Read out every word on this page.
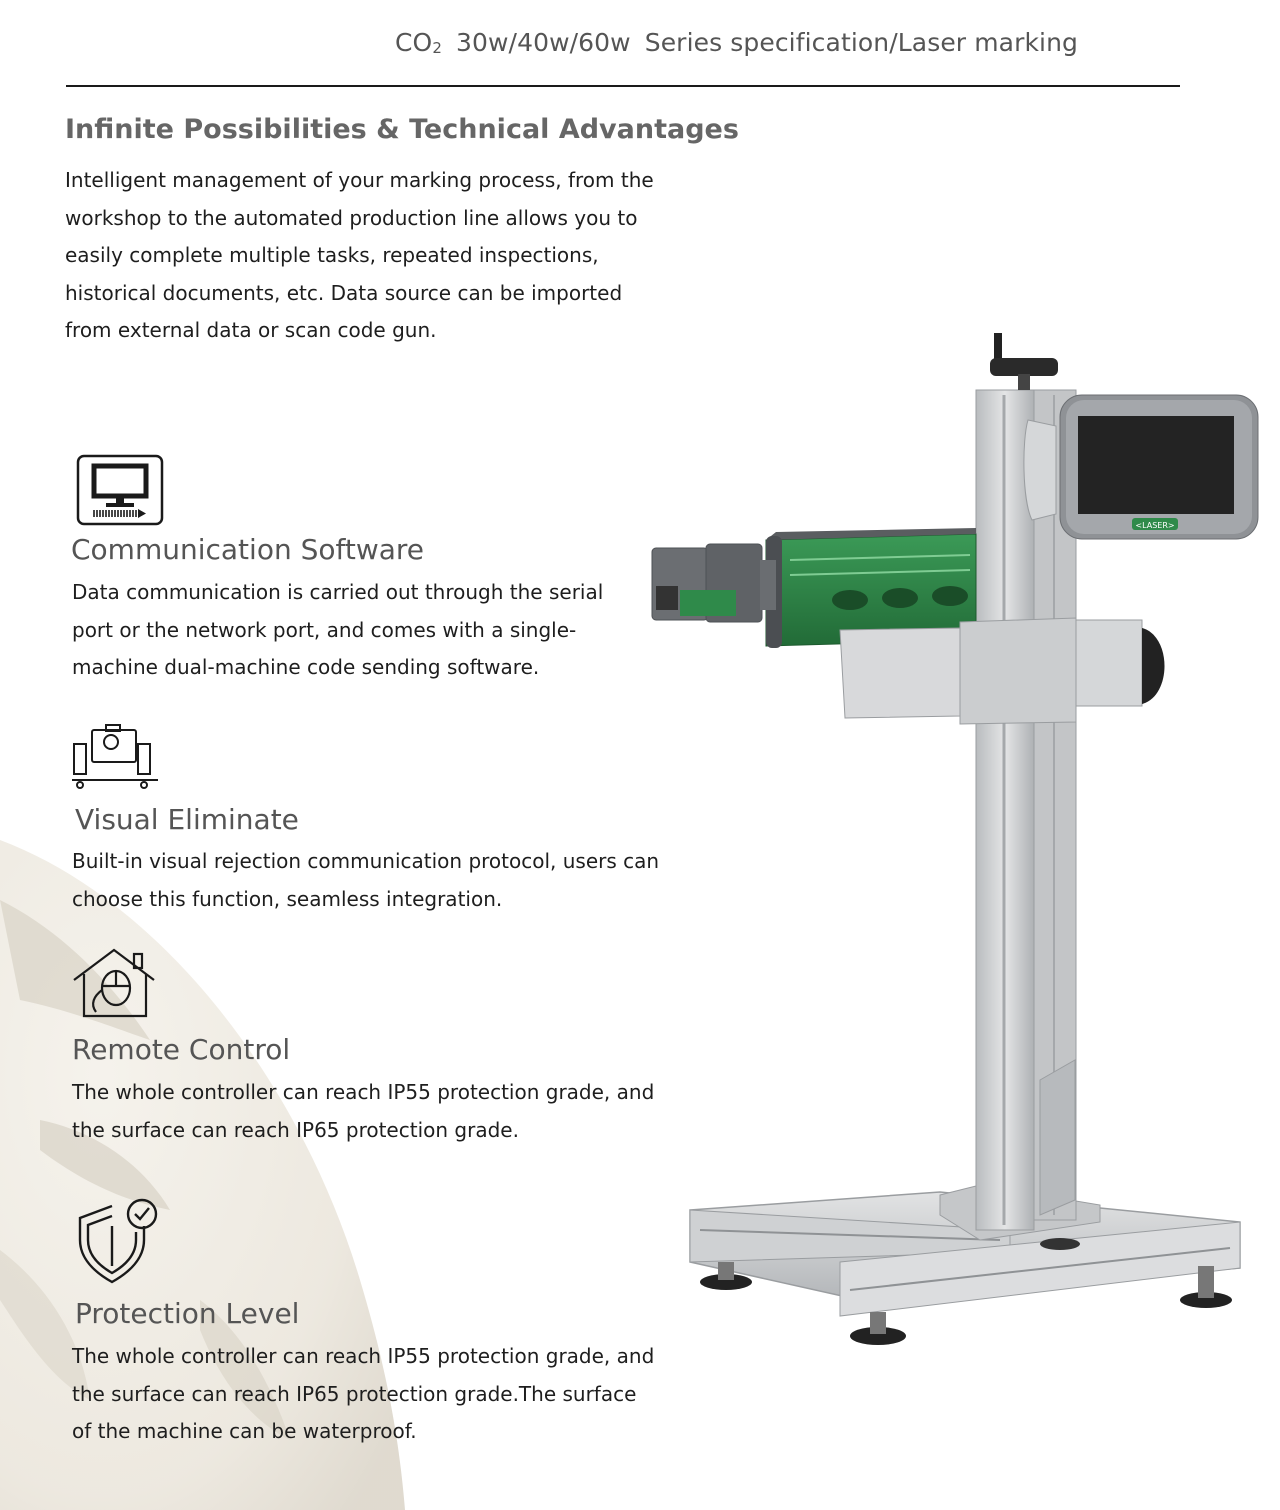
$CO_2$ 30w/40w/60w Series specification/Laser marking
Infinite Possibilities & Technical Advantages
Intelligent management of your marking process, from the workshop to the automated production line allows you to easily complete multiple tasks, repeated inspections, historical documents, etc. Data source can be imported from external data or scan code gun.
Communication Software
Data communication is carried out through the serial port or the network port, and comes with a single-machine dual-machine code sending software.
Visual Eliminate
Built-in visual rejection communication protocol, users can choose this function, seamless integration.
Remote Control
The whole controller can reach IP55 protection grade, and the surface can reach IP65 protection grade.
Protection Level
The whole controller can reach IP55 protection grade, and the surface can reach IP65 protection grade.The surface of the machine can be waterproof.
<LASER>
